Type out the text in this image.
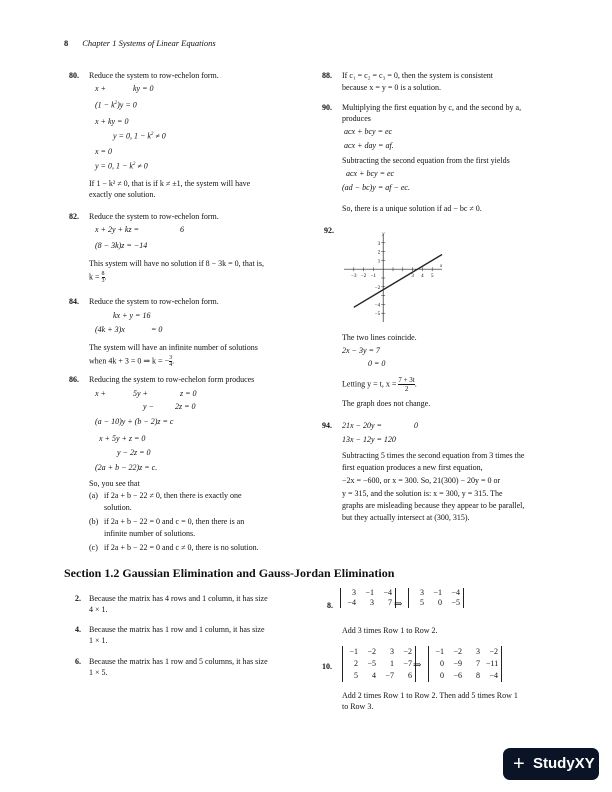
8 Chapter 1 Systems of Linear Equations
80. Reduce the system to row-echelon form.
x +	ky = 0
$(1 - k^2)y = 0$
x + ky = 0
y = 0, $1 - k^2 \ne 0$
x = 0
y = 0, $1 - k^2 \ne 0$
If 1 − k² ≠ 0, that is if k ≠ ±1, the system will have
exactly one solution.
82. Reduce the system to row-echelon form.
x + 2y + kz =	6
(8 − 3k)z = −14
This system will have no solution if 8 − 3k = 0, that is,
$k = \frac{8}{3}$ .
84. Reduce the system to row-echelon form.
kx + y = 16
(4k + 3)x	= 0
The system will have an infinite number of solutions
when 4k + 3 = 0 ⇒ k = − $\frac{3}{4}$ .
86. Reducing the system to row-echelon form produces
x +	5y +	z = 0
y −	2z = 0
(a − 10)y + (b − 2)z = c
x + 5y + z = 0
y − 2z = 0
(2a + b − 22)z = c.
So, you see that
(a) if 2a + b − 22 ≠ 0, then there is exactly one
solution.
(b) if 2a + b − 22 = 0 and c = 0, then there is an
infinite number of solutions.
(c) if 2a + b − 22 = 0 and c ≠ 0, there is no solution.
88. If c₁ = c₂ = c₃ = 0, then the system is consistent
because x = y = 0 is a solution.
90. Multiplying the first equation by c, and the second by a,
produces
acx + bcy = ec
acx + day = af.
Subtracting the second equation from the first yields
acx + bcy = ec
(ad − bc)y = af − ec.
So, there is a unique solution if ad − bc ≠ 0.
92.
−3 −2 −1	3 4 5
3
2
1
−2
−4
−5
x
y
The two lines coincide.
2x − 3y = 7
0 = 0
Letting y = t, $x = \frac{7 + 3t}{2}$ .
The graph does not change.
94. 21x − 20y =	0
13x − 12y = 120
Subtracting 5 times the second equation from 3 times the
first equation produces a new first equation,
−2x = −600, or x = 300. So, 21(300) − 20y = 0 or
y = 315, and the solution is: x = 300, y = 315. The
graphs are misleading because they appear to be parallel,
but they actually intersect at (300, 315).
Section 1.2 Gaussian Elimination and Gauss-Jordan Elimination
2. Because the matrix has 4 rows and 1 column, it has size
4 × 1.
4. Because the matrix has 1 row and 1 column, it has size
1 × 1.
6. Because the matrix has 1 row and 5 columns, it has size
1 × 5.
8.
3	−1	−4
−4	3	7 ⇒
3	−1	−4
5	0	−5
Add 3 times Row 1 to Row 2.
10.
−1	−2	3	−2
2	−5	1	−7
5	4	−7	6
⇒
−1	−2	3	−2
0	−9	7 −11
0	−6	8	−4
Add 2 times Row 1 to Row 2. Then add 5 times Row 1
to Row 3.
+ StudyXY
